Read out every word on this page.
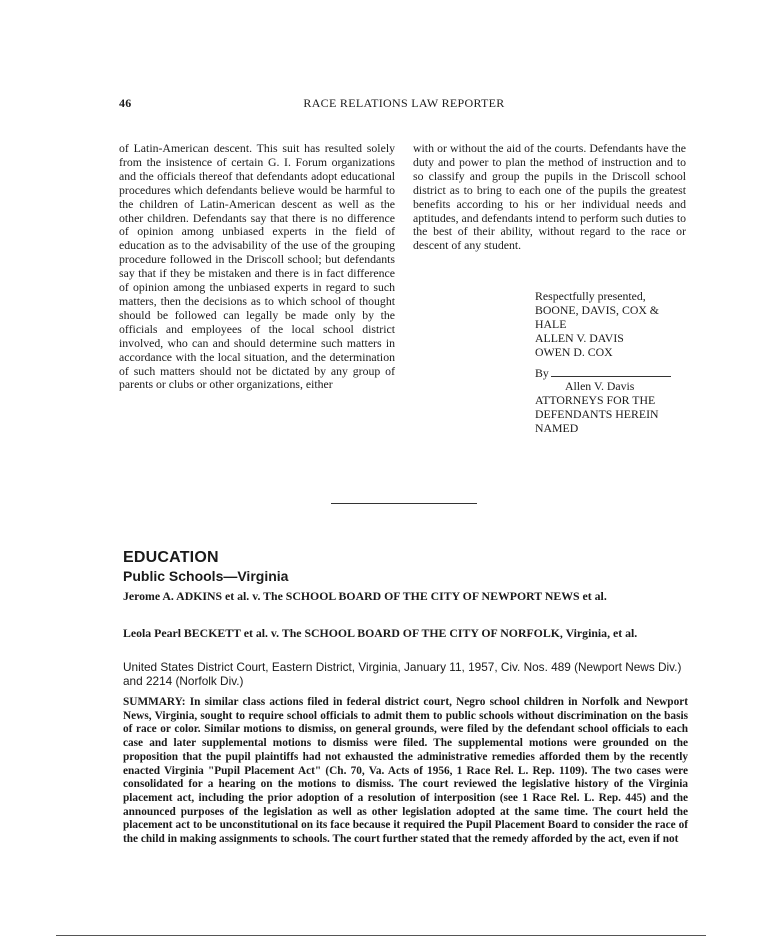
46	RACE RELATIONS LAW REPORTER

of Latin-American descent. This suit has resulted solely from the insistence of certain G. I. Forum organizations and the officials thereof that defendants adopt educational procedures which defendants believe would be harmful to the children of Latin-American descent as well as the other children. Defendants say that there is no difference of opinion among unbiased experts in the field of education as to the advisability of the use of the grouping procedure followed in the Driscoll school; but defendants say that if they be mistaken and there is in fact difference of opinion among the unbiased experts in regard to such matters, then the decisions as to which school of thought should be followed can legally be made only by the officials and employees of the local school district involved, who can and should determine such matters in accordance with the local situation, and the determination of such matters should not be dictated by any group of parents or clubs or other organizations, either

with or without the aid of the courts. Defendants have the duty and power to plan the method of instruction and to so classify and group the pupils in the Driscoll school district as to bring to each one of the pupils the greatest benefits according to his or her individual needs and aptitudes, and defendants intend to perform such duties to the best of their ability, without regard to the race or descent of any student.

Respectfully presented,
BOONE, DAVIS, COX &
HALE
ALLEN V. DAVIS
OWEN D. COX
By
Allen V. Davis
ATTORNEYS FOR THE
DEFENDANTS HEREIN
NAMED
EDUCATION
Public Schools—Virginia
Jerome A. ADKINS et al. v. The SCHOOL BOARD OF THE CITY OF NEWPORT NEWS et al.
Leola Pearl BECKETT et al. v. The SCHOOL BOARD OF THE CITY OF NORFOLK, Virginia, et al.
United States District Court, Eastern District, Virginia, January 11, 1957, Civ. Nos. 489 (Newport News Div.) and 2214 (Norfolk Div.)
SUMMARY: In similar class actions filed in federal district court, Negro school children in Norfolk and Newport News, Virginia, sought to require school officials to admit them to public schools without discrimination on the basis of race or color. Similar motions to dismiss, on general grounds, were filed by the defendant school officials to each case and later supplemental motions to dismiss were filed. The supplemental motions were grounded on the proposition that the pupil plaintiffs had not exhausted the administrative remedies afforded them by the recently enacted Virginia "Pupil Placement Act" (Ch. 70, Va. Acts of 1956, 1 Race Rel. L. Rep. 1109). The two cases were consolidated for a hearing on the motions to dismiss. The court reviewed the legislative history of the Virginia placement act, including the prior adoption of a resolution of interposition (see 1 Race Rel. L. Rep. 445) and the announced purposes of the legislation as well as other legislation adopted at the same time. The court held the placement act to be unconstitutional on its face because it required the Pupil Placement Board to consider the race of the child in making assignments to schools. The court further stated that the remedy afforded by the act, even if not
